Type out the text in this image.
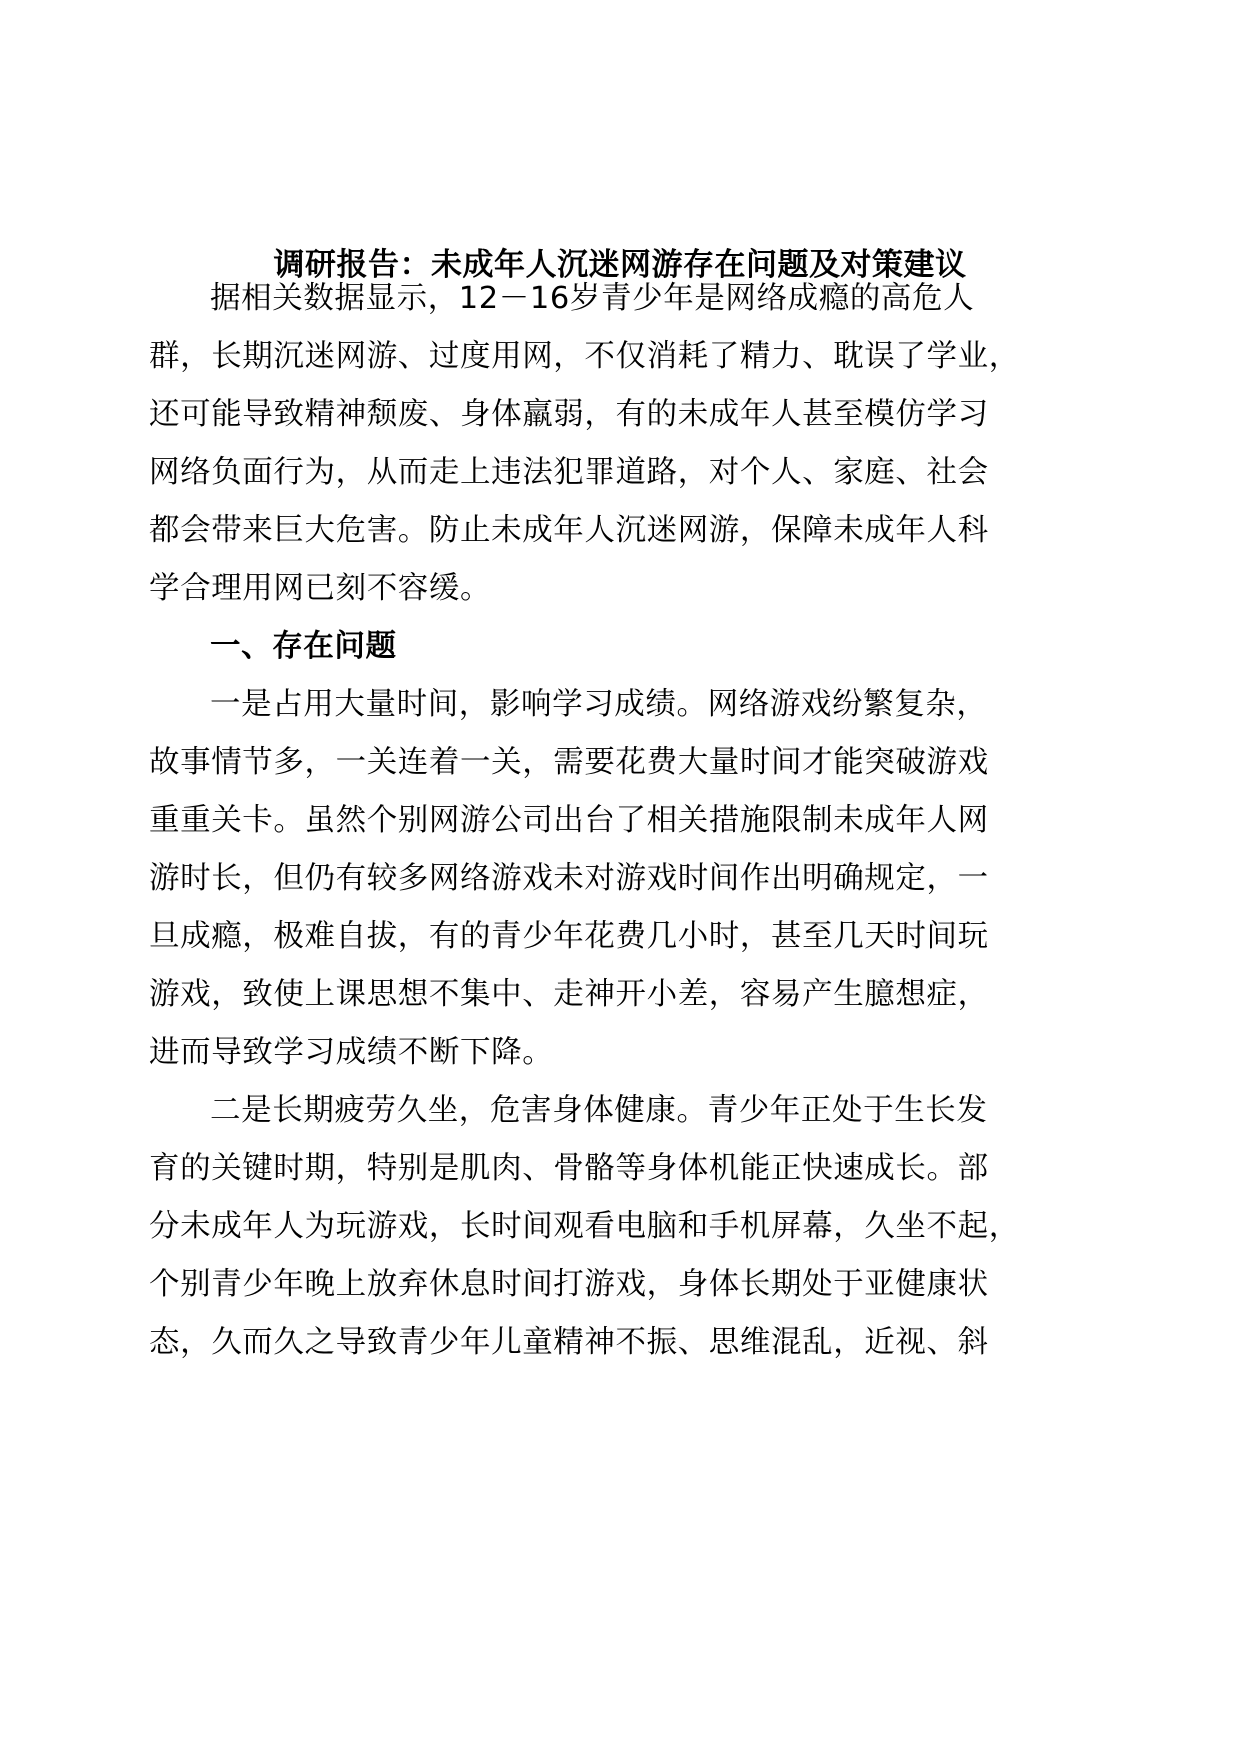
调研报告：未成年人沉迷网游存在问题及对策建议

据相关数据显示，12－16岁青少年是网络成瘾的高危人

群，长期沉迷网游、过度用网，不仅消耗了精力、耽误了学业，

还可能导致精神颓废、身体羸弱，有的未成年人甚至模仿学习

网络负面行为，从而走上违法犯罪道路，对个人、家庭、社会

都会带来巨大危害。防止未成年人沉迷网游，保障未成年人科

学合理用网已刻不容缓。

一、存在问题

一是占用大量时间，影响学习成绩。网络游戏纷繁复杂，

故事情节多，一关连着一关，需要花费大量时间才能突破游戏

重重关卡。虽然个别网游公司出台了相关措施限制未成年人网

游时长，但仍有较多网络游戏未对游戏时间作出明确规定，一

旦成瘾，极难自拔，有的青少年花费几小时，甚至几天时间玩

游戏，致使上课思想不集中、走神开小差，容易产生臆想症，

进而导致学习成绩不断下降。

二是长期疲劳久坐，危害身体健康。青少年正处于生长发

育的关键时期，特别是肌肉、骨骼等身体机能正快速成长。部

分未成年人为玩游戏，长时间观看电脑和手机屏幕，久坐不起，

个别青少年晚上放弃休息时间打游戏，身体长期处于亚健康状

态，久而久之导致青少年儿童精神不振、思维混乱，近视、斜
